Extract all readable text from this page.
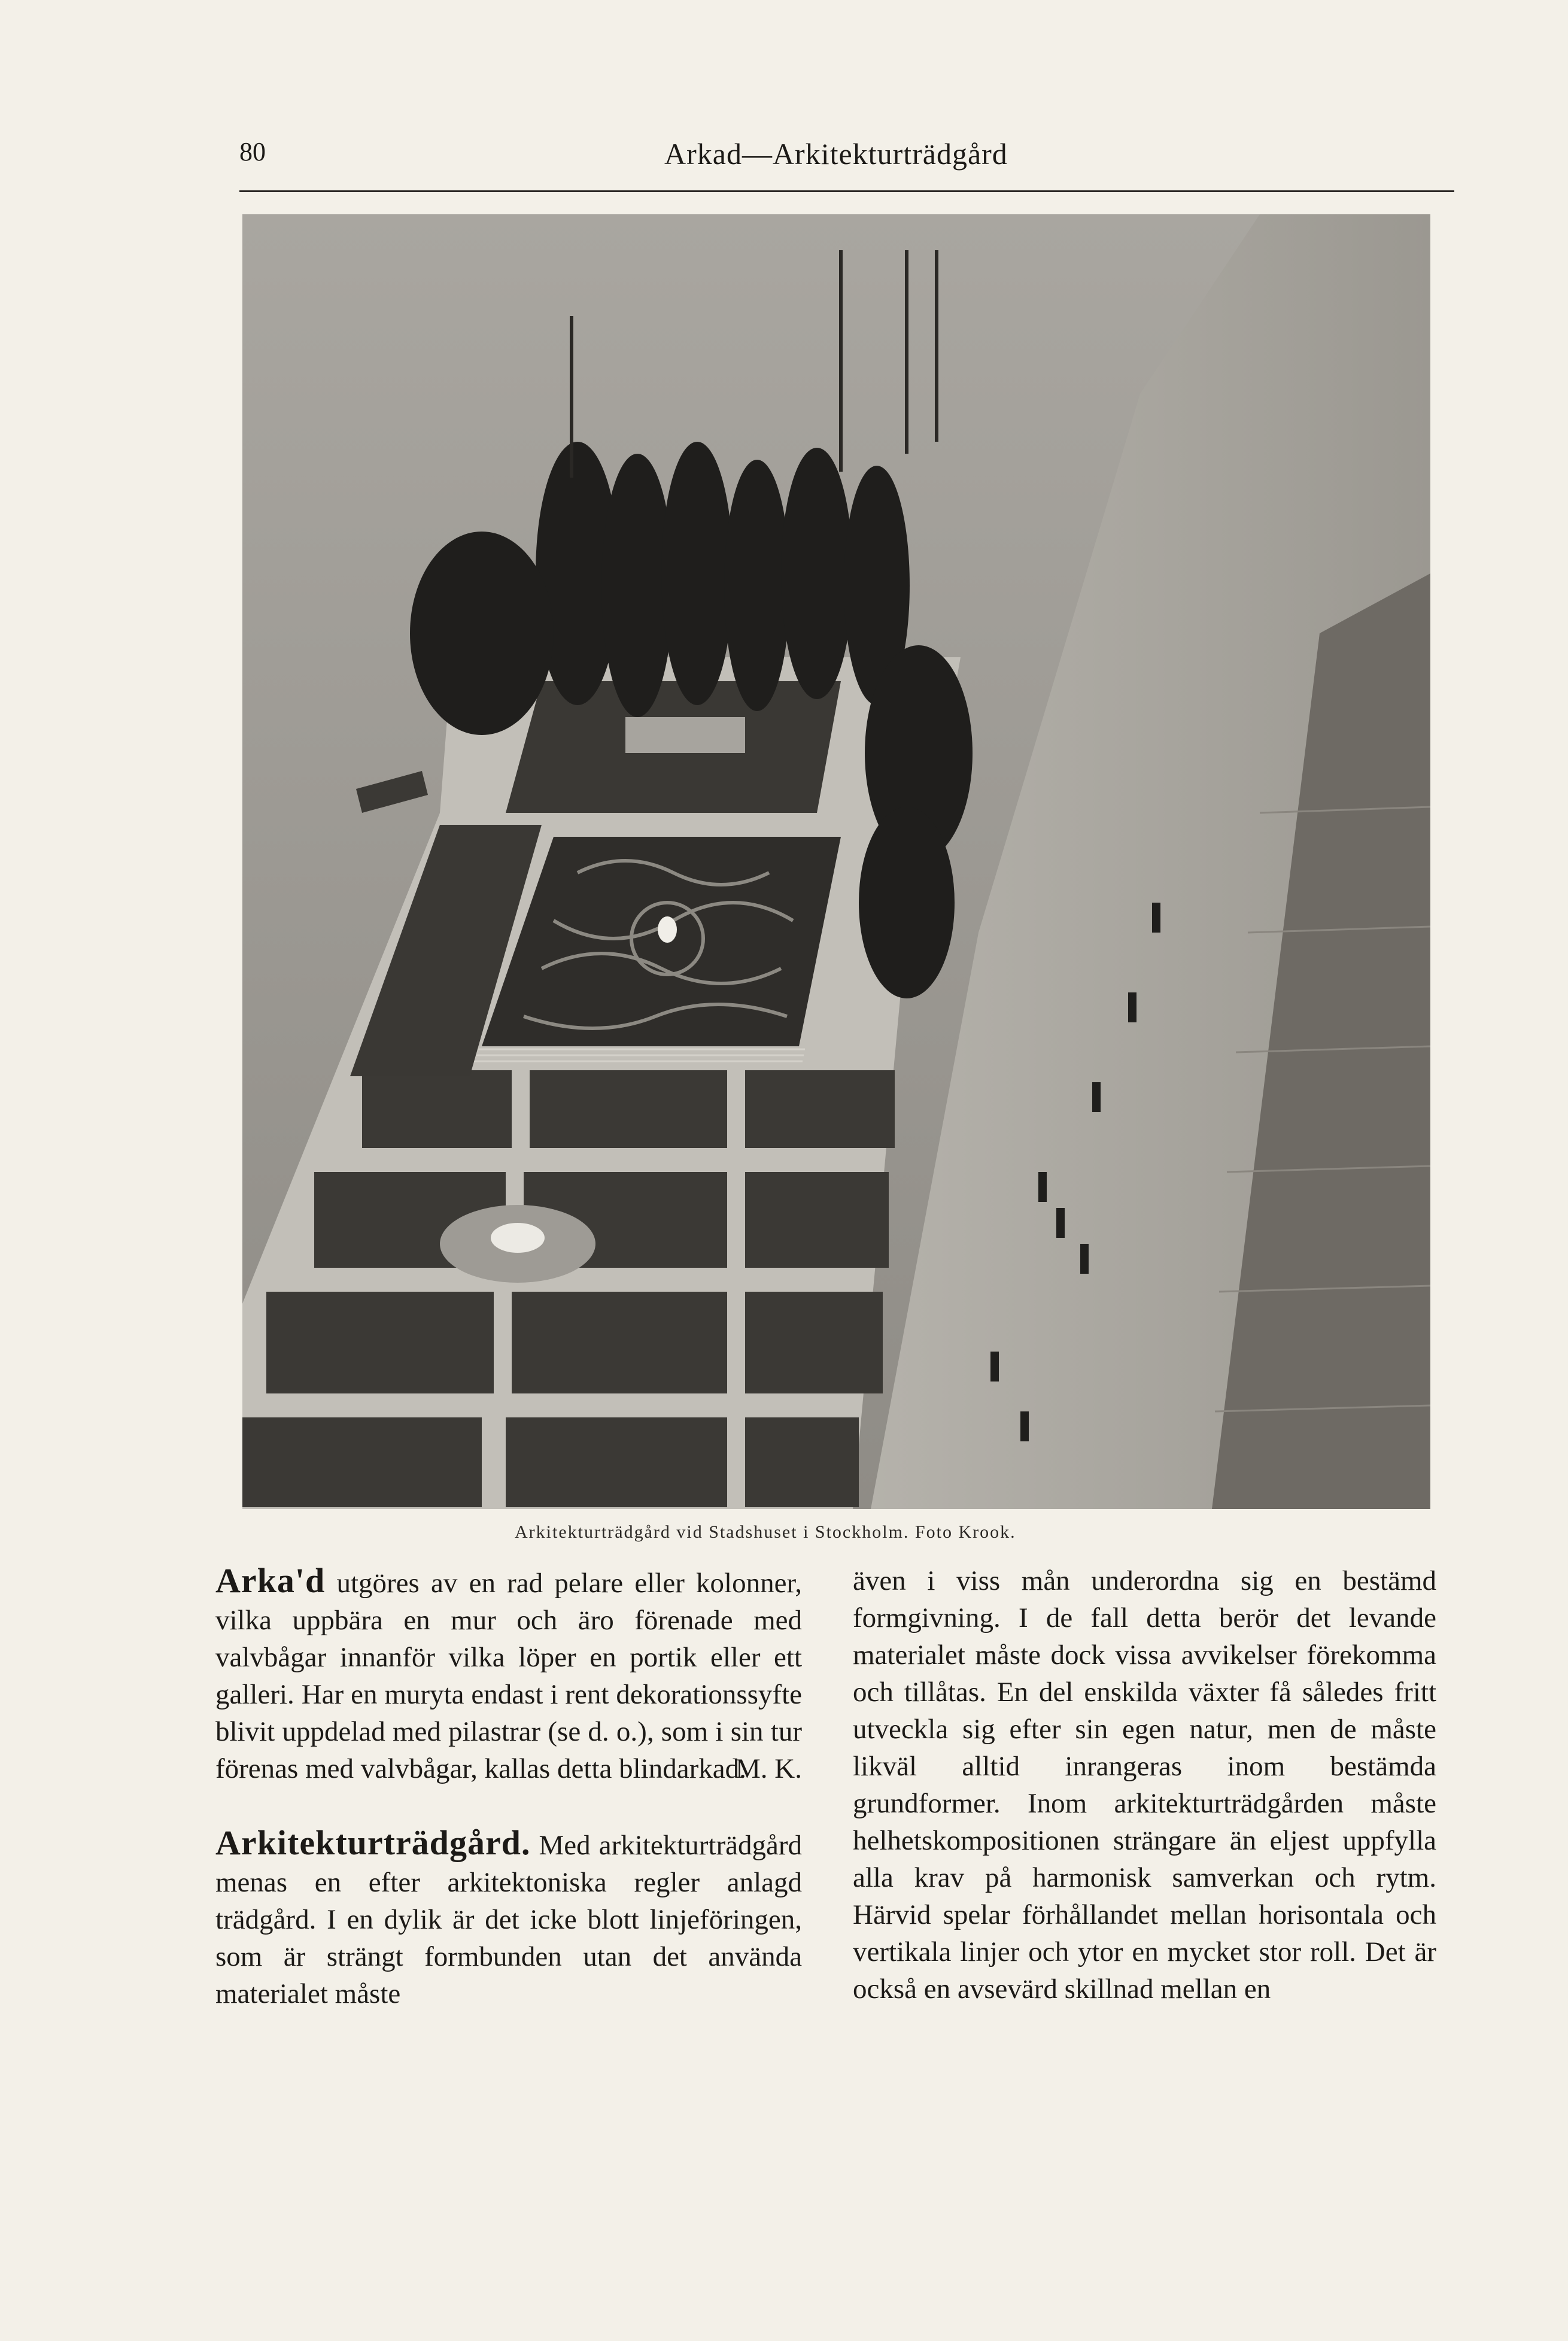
80	Arkad—Arkitekturträdgård
Arkitekturträdgård vid Stadshuset i Stockholm. Foto Krook.

Arka'd utgöres av en rad pelare eller kolonner, vilka uppbära en mur och äro förenade med valvbågar innanför vilka löper en portik eller ett galleri. Har en muryta endast i rent dekorationssyfte blivit uppdelad med pilastrar (se d. o.), som i sin tur förenas med valvbågar, kallas detta blindarkad.

M. K.

Arkitekturträdgård. Med arkitekturträdgård menas en efter arkitektoniska regler anlagd trädgård. I en dylik är det icke blott linjeföringen, som är strängt formbunden utan det använda materialet måste

även i viss mån underordna sig en bestämd formgivning. I de fall detta berör det levande materialet måste dock vissa avvikelser förekomma och tillåtas. En del enskilda växter få således fritt utveckla sig efter sin egen natur, men de måste likväl alltid inrangeras inom bestämda grundformer. Inom arkitekturträdgården måste helhetskompositionen strängare än eljest uppfylla alla krav på harmonisk samverkan och rytm. Härvid spelar förhållandet mellan horisontala och vertikala linjer och ytor en mycket stor roll. Det är också en avsevärd skillnad mellan en
